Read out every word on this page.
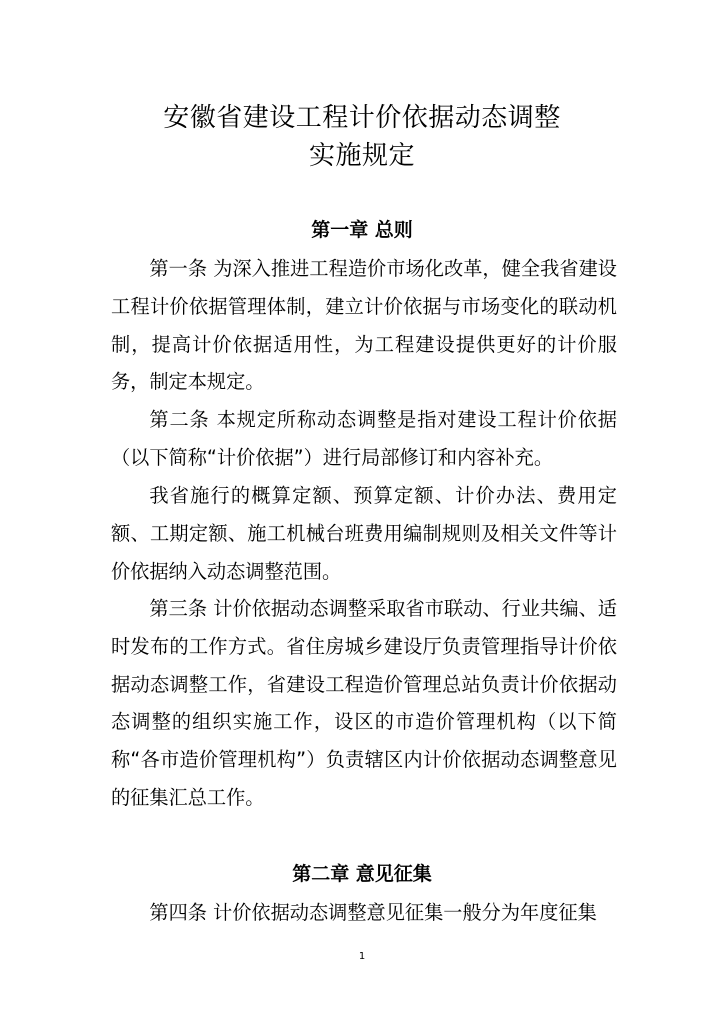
安徽省建设工程计价依据动态调整
实施规定
第一章 总则

第一条 为深入推进工程造价市场化改革，健全我省建设工程计价依据管理体制，建立计价依据与市场变化的联动机制，提高计价依据适用性，为工程建设提供更好的计价服务，制定本规定。

第二条 本规定所称动态调整是指对建设工程计价依据（以下简称“计价依据”）进行局部修订和内容补充。

我省施行的概算定额、预算定额、计价办法、费用定额、工期定额、施工机械台班费用编制规则及相关文件等计价依据纳入动态调整范围。

第三条 计价依据动态调整采取省市联动、行业共编、适时发布的工作方式。省住房城乡建设厅负责管理指导计价依据动态调整工作，省建设工程造价管理总站负责计价依据动态调整的组织实施工作，设区的市造价管理机构（以下简称“各市造价管理机构”）负责辖区内计价依据动态调整意见的征集汇总工作。

第二章 意见征集

第四条 计价依据动态调整意见征集一般分为年度征集

1
